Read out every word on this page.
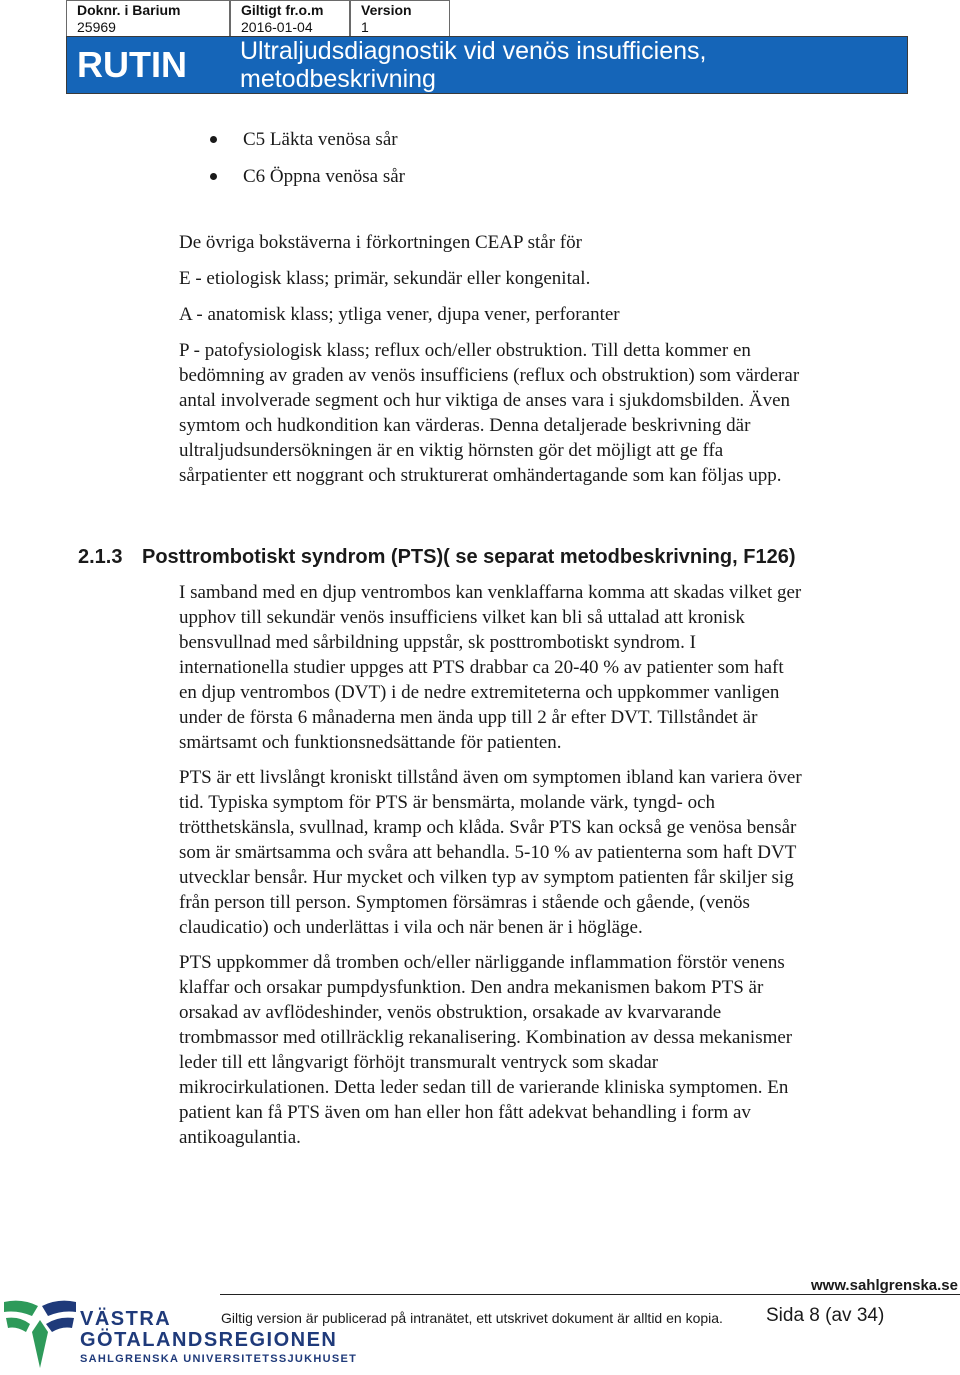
Doknr. i Barium
25969
Giltigt fr.o.m
2016-01-04
Version
1
RUTIN Ultraljudsdiagnostik vid venös insufficiens,
metodbeskrivning
C5 Läkta venösa sår
C6 Öppna venösa sår

De övriga bokstäverna i förkortningen CEAP står för

E - etiologisk klass; primär, sekundär eller kongenital.

A - anatomisk klass; ytliga vener, djupa vener, perforanter

P - patofysiologisk klass; reflux och/eller obstruktion. Till detta kommer en
bedömning av graden av venös insufficiens (reflux och obstruktion) som värderar
antal involverade segment och hur viktiga de anses vara i sjukdomsbilden. Även
symtom och hudkondition kan värderas. Denna detaljerade beskrivning där
ultraljudsundersökningen är en viktig hörnsten gör det möjligt att ge ffa
sårpatienter ett noggrant och strukturerat omhändertagande som kan följas upp.

2.1.3 Posttrombotiskt syndrom (PTS)( se separat metodbeskrivning, F126)

I samband med en djup ventrombos kan venklaffarna komma att skadas vilket ger
upphov till sekundär venös insufficiens vilket kan bli så uttalad att kronisk
bensvullnad med sårbildning uppstår, sk posttrombotiskt syndrom. I
internationella studier uppges att PTS drabbar ca 20-40 % av patienter som haft
en djup ventrombos (DVT) i de nedre extremiteterna och uppkommer vanligen
under de första 6 månaderna men ända upp till 2 år efter DVT. Tillståndet är
smärtsamt och funktionsnedsättande för patienten.

PTS är ett livslångt kroniskt tillstånd även om symptomen ibland kan variera över
tid. Typiska symptom för PTS är bensmärta, molande värk, tyngd- och
trötthetskänsla, svullnad, kramp och klåda. Svår PTS kan också ge venösa bensår
som är smärtsamma och svåra att behandla. 5-10 % av patienterna som haft DVT
utvecklar bensår. Hur mycket och vilken typ av symptom patienten får skiljer sig
från person till person. Symptomen försämras i stående och gående, (venös
claudicatio) och underlättas i vila och när benen är i högläge.

PTS uppkommer då tromben och/eller närliggande inflammation förstör venens
klaffar och orsakar pumpdysfunktion. Den andra mekanismen bakom PTS är
orsakad av avflödeshinder, venös obstruktion, orsakade av kvarvarande
trombmassor med otillräcklig rekanalisering. Kombination av dessa mekanismer
leder till ett långvarigt förhöjt transmuralt ventryck som skadar
mikrocirkulationen. Detta leder sedan till de varierande kliniska symptomen. En
patient kan få PTS även om han eller hon fått adekvat behandling i form av
antikoagulantia.

www.sahlgrenska.se
Giltig version är publicerad på intranätet, ett utskrivet dokument är alltid en kopia. Sida 8 (av 34)
VÄSTRA
GÖTALANDSREGIONEN
SAHLGRENSKA UNIVERSITETSSJUKHUSET
